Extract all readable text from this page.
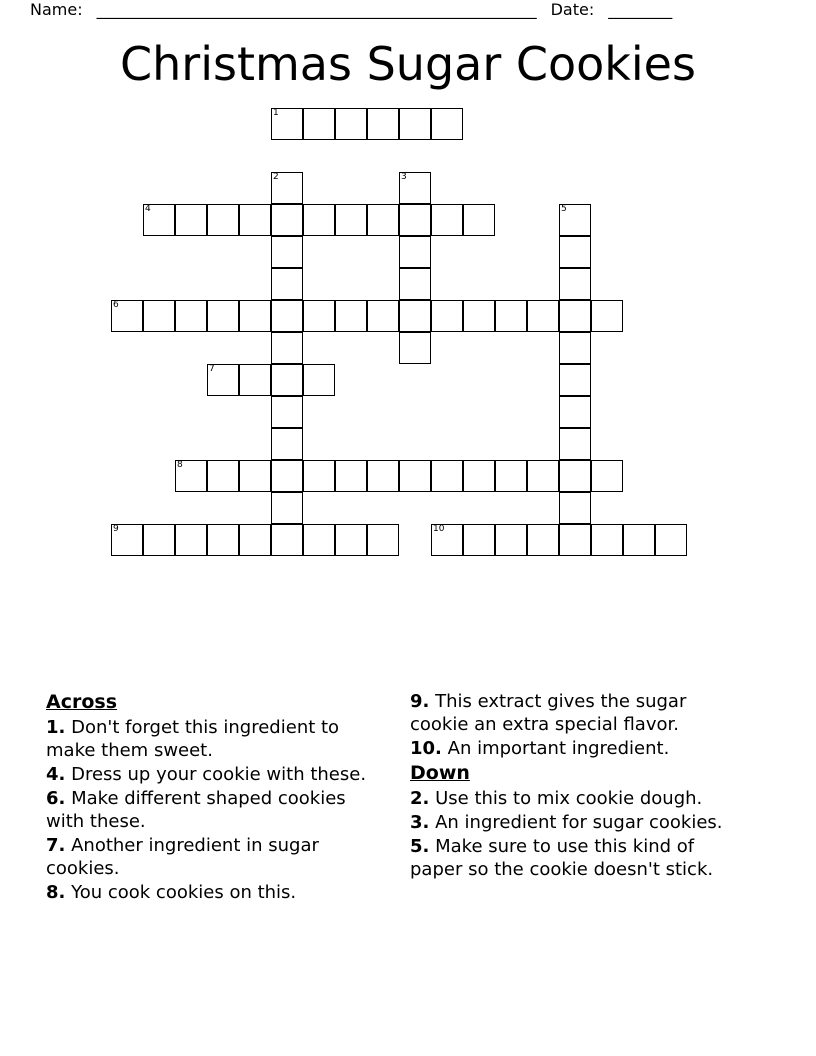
Name: _______________________________________________________ Date: ________
Christmas Sugar Cookies
1
4
6
7
8
9	10
2	3
5
Across

1. Don't forget this ingredient to make them sweet.

4. Dress up your cookie with these.

6. Make different shaped cookies with these.

7. Another ingredient in sugar cookies.

8. You cook cookies on this.

9. This extract gives the sugar cookie an extra special flavor.

10. An important ingredient.

Down

2. Use this to mix cookie dough.

3. An ingredient for sugar cookies.

5. Make sure to use this kind of paper so the cookie doesn't stick.
